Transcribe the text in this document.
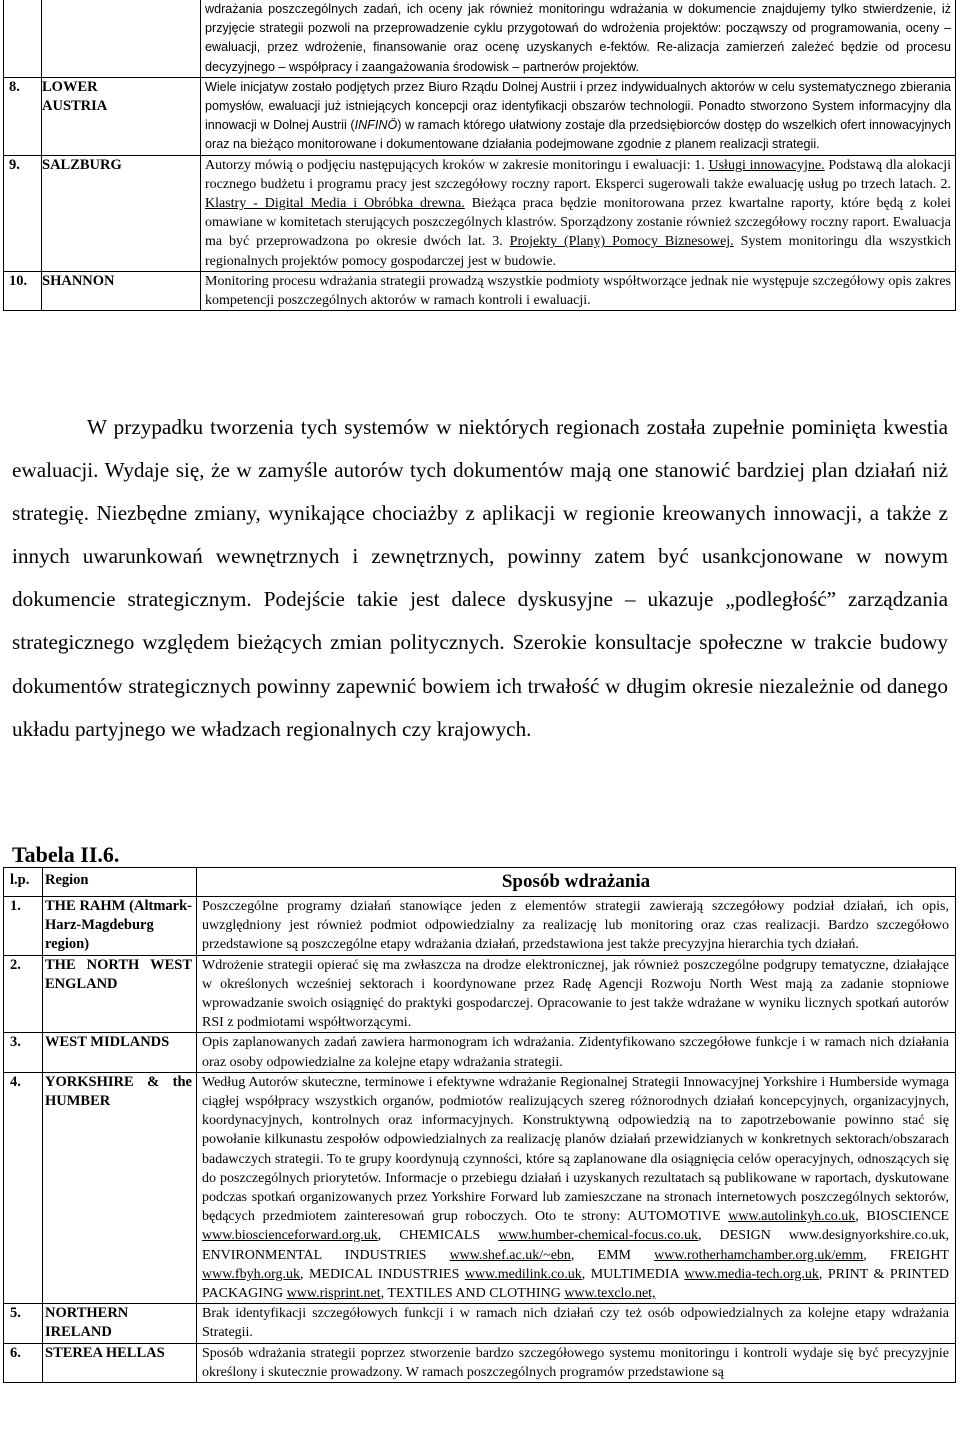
		wdrażania poszczególnych zadań, ich oceny jak również monitoringu wdrażania w dokumencie znajdujemy tylko stwierdzenie, iż przyjęcie strategii pozwoli na przeprowadzenie cyklu przygotowań do wdrożenia projektów: począwszy od programowania, oceny – ewaluacji, przez wdrożenie, finansowanie oraz ocenę uzyskanych e-fektów. Re-alizacja zamierzeń zależeć będzie od procesu decyzyjnego – współpracy i zaangażowania środowisk – partnerów projektów.
8.	LOWER AUSTRIA	Wiele inicjatyw zostało podjętych przez Biuro Rządu Dolnej Austrii i przez indywidualnych aktorów w celu systematycznego zbierania pomysłów, ewaluacji już istniejących koncepcji oraz identyfikacji obszarów technologii. Ponadto stworzono System informacyjny dla innowacji w Dolnej Austrii (INFINÖ) w ramach którego ułatwiony zostaje dla przedsiębiorców dostęp do wszelkich ofert innowacyjnych oraz na bieżąco monitorowane i dokumentowane działania podejmowane zgodnie z planem realizacji strategii.
9.	SALZBURG	Autorzy mówią o podjęciu następujących kroków w zakresie monitoringu i ewaluacji: 1. Usługi innowacyjne. Podstawą dla alokacji rocznego budżetu i programu pracy jest szczegółowy roczny raport. Eksperci sugerowali także ewaluację usług po trzech latach. 2. Klastry - Digital Media i Obróbka drewna. Bieżąca praca będzie monitorowana przez kwartalne raporty, które będą z kolei omawiane w komitetach sterujących poszczególnych klastrów. Sporządzony zostanie również szczegółowy roczny raport. Ewaluacja ma być przeprowadzona po okresie dwóch lat. 3. Projekty (Plany) Pomocy Biznesowej. System monitoringu dla wszystkich regionalnych projektów pomocy gospodarczej jest w budowie.
10.	SHANNON	Monitoring procesu wdrażania strategii prowadzą wszystkie podmioty współtworzące jednak nie występuje szczegółowy opis zakres kompetencji poszczególnych aktorów w ramach kontroli i ewaluacji.

W przypadku tworzenia tych systemów w niektórych regionach została zupełnie pominięta kwestia ewaluacji. Wydaje się, że w zamyśle autorów tych dokumentów mają one stanowić bardziej plan działań niż strategię. Niezbędne zmiany, wynikające chociażby z aplikacji w regionie kreowanych innowacji, a także z innych uwarunkowań wewnętrznych i zewnętrznych, powinny zatem być usankcjonowane w nowym dokumencie strategicznym. Podejście takie jest dalece dyskusyjne – ukazuje „podległość” zarządzania strategicznego względem bieżących zmian politycznych. Szerokie konsultacje społeczne w trakcie budowy dokumentów strategicznych powinny zapewnić bowiem ich trwałość w długim okresie niezależnie od danego układu partyjnego we władzach regionalnych czy krajowych.

Tabela II.6.

l.p.	Region	Sposób wdrażania
1.	THE RAHM (Altmark-Harz-Magdeburg region)	Poszczególne programy działań stanowiące jeden z elementów strategii zawierają szczegółowy podział działań, ich opis, uwzględniony jest również podmiot odpowiedzialny za realizację lub monitoring oraz czas realizacji. Bardzo szczegółowo przedstawione są poszczególne etapy wdrażania działań, przedstawiona jest także precyzyjna hierarchia tych działań.
2.	THE NORTH WEST ENGLAND	Wdrożenie strategii opierać się ma zwłaszcza na drodze elektronicznej, jak również poszczególne podgrupy tematyczne, działające w określonych wcześniej sektorach i koordynowane przez Radę Agencji Rozwoju North West mają za zadanie stopniowe wprowadzanie swoich osiągnięć do praktyki gospodarczej. Opracowanie to jest także wdrażane w wyniku licznych spotkań autorów RSI z podmiotami współtworzącymi.
3.	WEST MIDLANDS	Opis zaplanowanych zadań zawiera harmonogram ich wdrażania. Zidentyfikowano szczegółowe funkcje i w ramach nich działania oraz osoby odpowiedzialne za kolejne etapy wdrażania strategii.
4.	YORKSHIRE & the HUMBER	Według Autorów skuteczne, terminowe i efektywne wdrażanie Regionalnej Strategii Innowacyjnej Yorkshire i Humberside wymaga ciągłej współpracy wszystkich organów, podmiotów realizujących szereg różnorodnych działań koncepcyjnych, organizacyjnych, koordynacyjnych, kontrolnych oraz informacyjnych. Konstruktywną odpowiedzią na to zapotrzebowanie powinno stać się powołanie kilkunastu zespołów odpowiedzialnych za realizację planów działań przewidzianych w konkretnych sektorach/obszarach badawczych strategii. To te grupy koordynują czynności, które są zaplanowane dla osiągnięcia celów operacyjnych, odnoszących się do poszczególnych priorytetów. Informacje o przebiegu działań i uzyskanych rezultatach są publikowane w raportach, dyskutowane podczas spotkań organizowanych przez Yorkshire Forward lub zamieszczane na stronach internetowych poszczególnych sektorów, będących przedmiotem zainteresowań grup roboczych. Oto te strony: AUTOMOTIVE www.autolinkyh.co.uk, BIOSCIENCE www.bioscienceforward.org.uk, CHEMICALS www.humber-chemical-focus.co.uk, DESIGN www.designyorkshire.co.uk, ENVIRONMENTAL INDUSTRIES www.shef.ac.uk/~ebn, EMM www.rotherhamchamber.org.uk/emm, FREIGHT www.fbyh.org.uk, MEDICAL INDUSTRIES www.medilink.co.uk, MULTIMEDIA www.media-tech.org.uk, PRINT & PRINTED PACKAGING www.risprint.net, TEXTILES AND CLOTHING www.texclo.net,
5.	NORTHERN IRELAND	Brak identyfikacji szczegółowych funkcji i w ramach nich działań czy też osób odpowiedzialnych za kolejne etapy wdrażania Strategii.
6.	STEREA HELLAS	Sposób wdrażania strategii poprzez stworzenie bardzo szczegółowego systemu monitoringu i kontroli wydaje się być precyzyjnie określony i skutecznie prowadzony. W ramach poszczególnych programów przedstawione są
